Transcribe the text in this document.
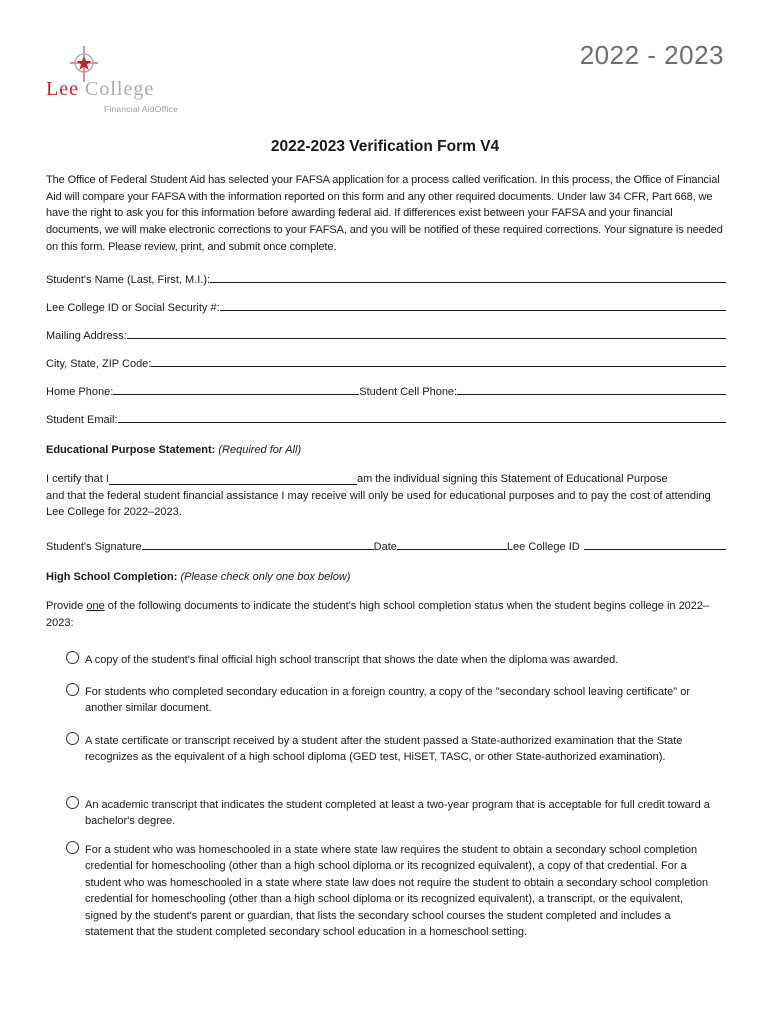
Lee College
Financial AidOffice
2022 - 2023
2022-2023 Verification Form V4

The Office of Federal Student Aid has selected your FAFSA application for a process called verification. In this process, the Office of Financial Aid will compare your FAFSA with the information reported on this form and any other required documents. Under law 34 CFR, Part 668, we have the right to ask you for this information before awarding federal aid. If differences exist between your FAFSA and your financial documents, we will make electronic corrections to your FAFSA, and you will be notified of these required corrections. Your signature is needed on this form. Please review, print, and submit once complete.

Student's Name (Last, First, M.I.):
Lee College ID or Social Security #:
Mailing Address:
City, State, ZIP Code:
Home Phone:	Student Cell Phone:
Student Email:

Educational Purpose Statement: (Required for All)

I certify that I	am the individual signing this Statement of Educational Purpose
and that the federal student financial assistance I may receive will only be used for educational purposes and to pay the cost of attending Lee College for 2022–2023.
Student's Signature	Date	Lee College ID

High School Completion: (Please check only one box below)

Provide one of the following documents to indicate the student's high school completion status when the student begins college in 2022–2023:

A copy of the student's final official high school transcript that shows the date when the diploma was awarded.
For students who completed secondary education in a foreign country, a copy of the "secondary school leaving certificate" or another similar document.
A state certificate or transcript received by a student after the student passed a State-authorized examination that the State recognizes as the equivalent of a high school diploma (GED test, HiSET, TASC, or other State-authorized examination).
An academic transcript that indicates the student completed at least a two-year program that is acceptable for full credit toward a bachelor's degree.
For a student who was homeschooled in a state where state law requires the student to obtain a secondary school completion credential for homeschooling (other than a high school diploma or its recognized equivalent), a copy of that credential. For a student who was homeschooled in a state where state law does not require the student to obtain a secondary school completion credential for homeschooling (other than a high school diploma or its recognized equivalent), a transcript, or the equivalent, signed by the student's parent or guardian, that lists the secondary school courses the student completed and includes a statement that the student completed secondary school education in a homeschool setting.
